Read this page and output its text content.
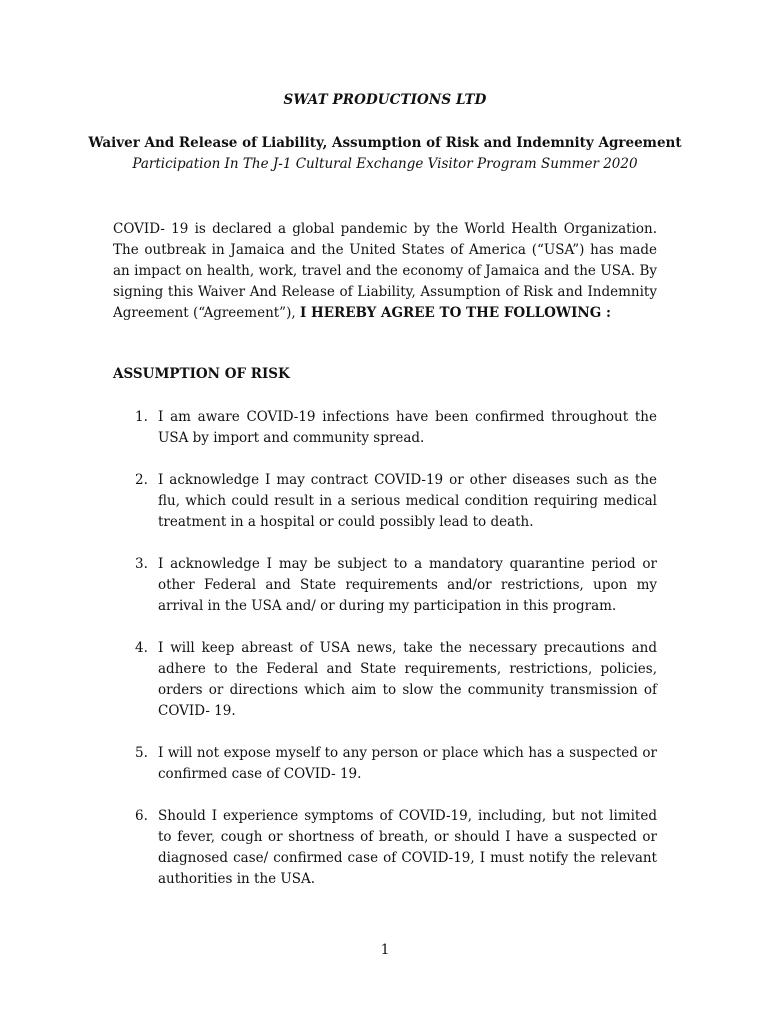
SWAT PRODUCTIONS LTD
Waiver And Release of Liability, Assumption of Risk and Indemnity Agreement
Participation In The J-1 Cultural Exchange Visitor Program Summer 2020

COVID- 19 is declared a global pandemic by the World Health Organization. The outbreak in Jamaica and the United States of America (“USA”) has made an impact on health, work, travel and the economy of Jamaica and the USA. By signing this Waiver And Release of Liability, Assumption of Risk and Indemnity Agreement (“Agreement”), I HEREBY AGREE TO THE FOLLOWING :

ASSUMPTION OF RISK
1. I am aware COVID-19 infections have been confirmed throughout the USA by import and community spread.
2. I acknowledge I may contract COVID-19 or other diseases such as the flu, which could result in a serious medical condition requiring medical treatment in a hospital or could possibly lead to death.
3. I acknowledge I may be subject to a mandatory quarantine period or other Federal and State requirements and/or restrictions, upon my arrival in the USA and/ or during my participation in this program.
4. I will keep abreast of USA news, take the necessary precautions and adhere to the Federal and State requirements, restrictions, policies, orders or directions which aim to slow the community transmission of COVID- 19.
5. I will not expose myself to any person or place which has a suspected or confirmed case of COVID- 19.
6. Should I experience symptoms of COVID-19, including, but not limited to fever, cough or shortness of breath, or should I have a suspected or diagnosed case/ confirmed case of COVID-19, I must notify the relevant authorities in the USA.
1
